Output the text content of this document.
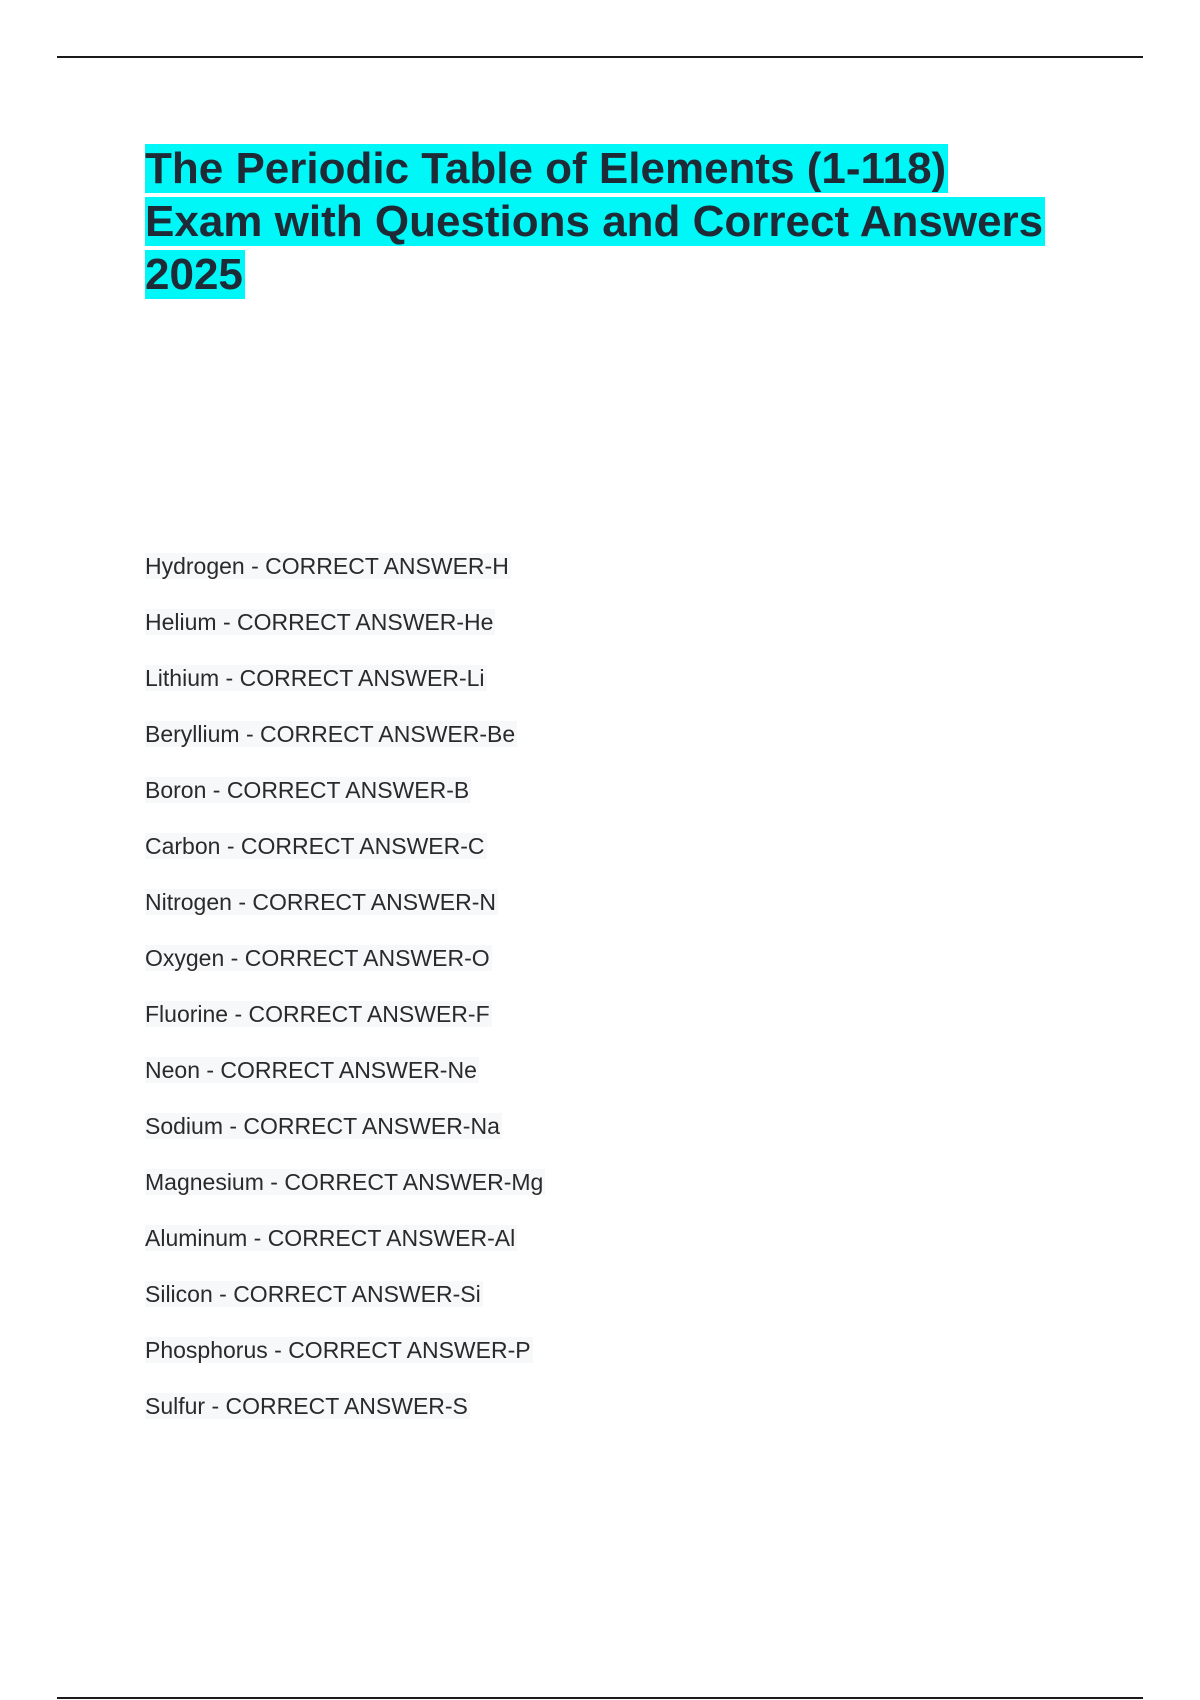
The Periodic Table of Elements (1-118) Exam with Questions and Correct Answers 2025
Hydrogen - CORRECT ANSWER-H
Helium - CORRECT ANSWER-He
Lithium - CORRECT ANSWER-Li
Beryllium - CORRECT ANSWER-Be
Boron - CORRECT ANSWER-B
Carbon - CORRECT ANSWER-C
Nitrogen - CORRECT ANSWER-N
Oxygen - CORRECT ANSWER-O
Fluorine - CORRECT ANSWER-F
Neon - CORRECT ANSWER-Ne
Sodium - CORRECT ANSWER-Na
Magnesium - CORRECT ANSWER-Mg
Aluminum - CORRECT ANSWER-Al
Silicon - CORRECT ANSWER-Si
Phosphorus - CORRECT ANSWER-P
Sulfur - CORRECT ANSWER-S
